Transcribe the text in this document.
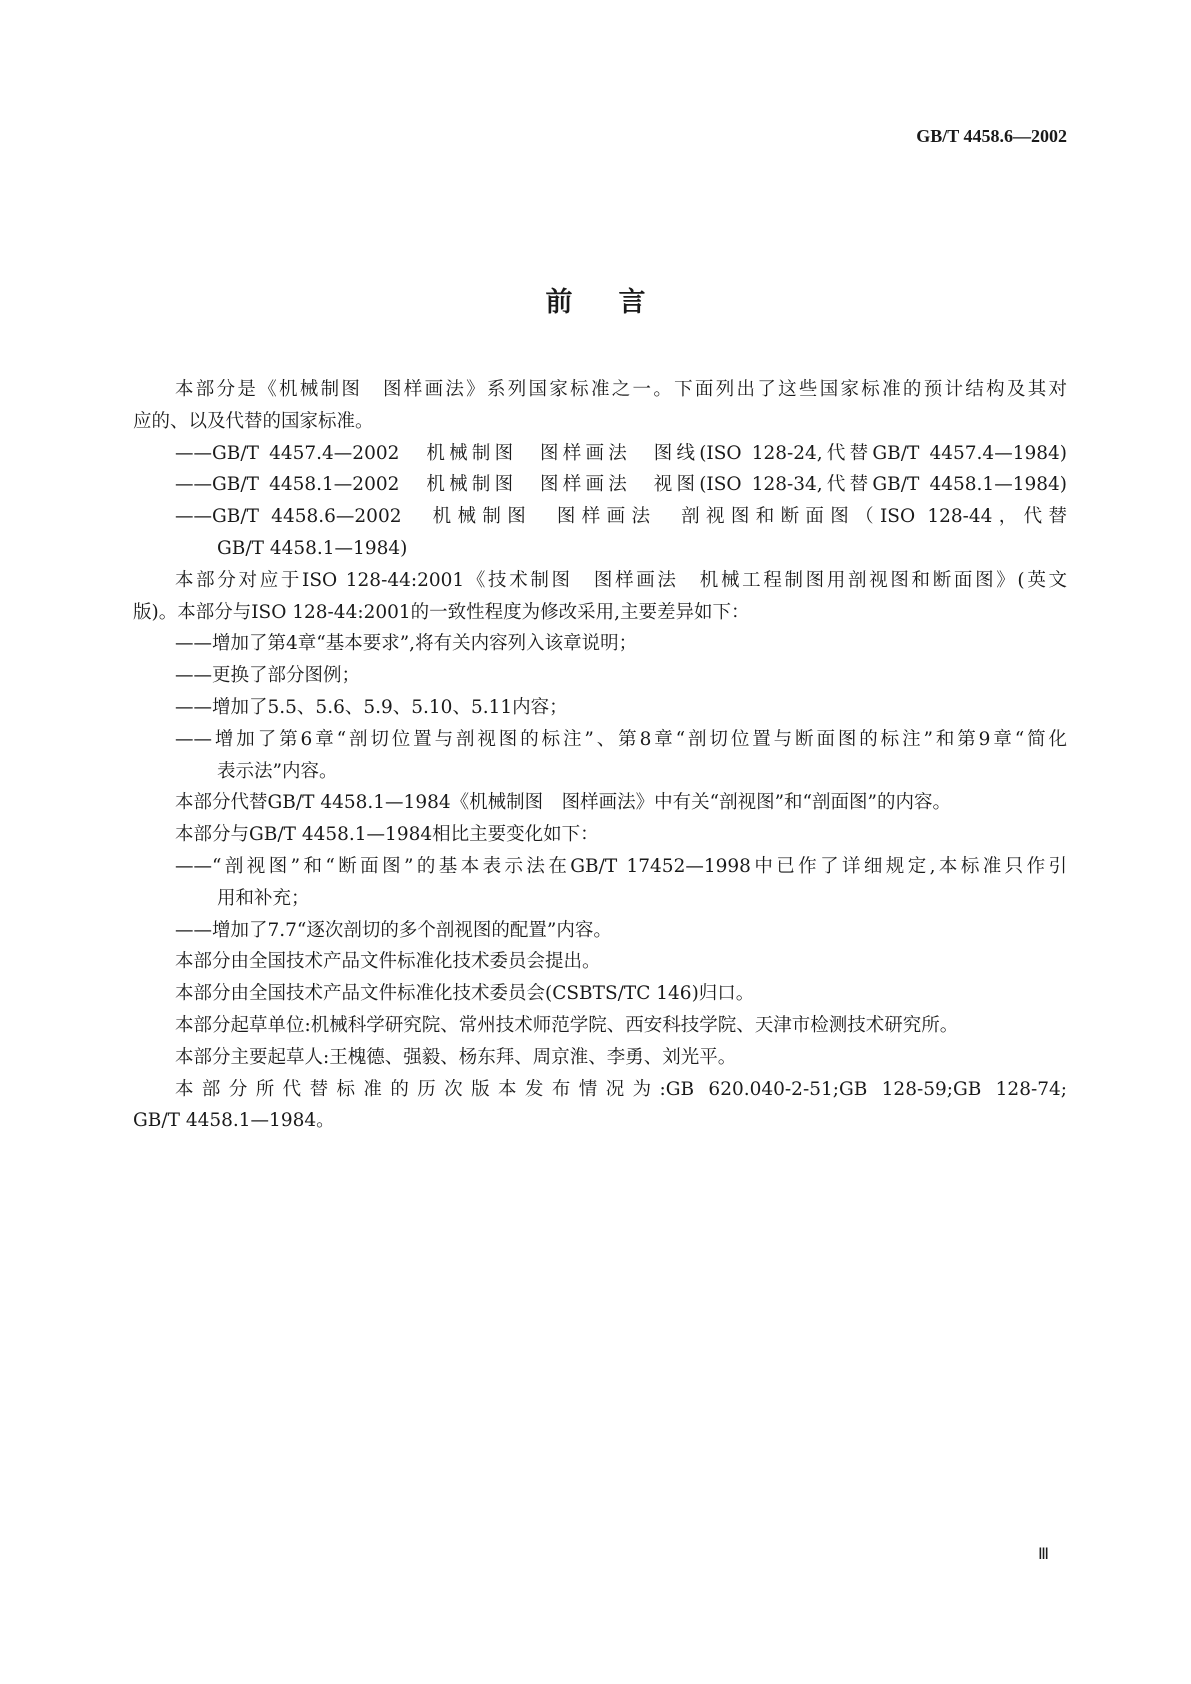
GB/T 4458.6—2002
前言
本部分是《机械制图　图样画法》系列国家标准之一。下面列出了这些国家标准的预计结构及其对
应的、以及代替的国家标准。
——GB/T 4457.4—2002　机械制图　图样画法　图线(ISO 128-24,代替GB/T 4457.4—1984)
——GB/T 4458.1—2002　机械制图　图样画法　视图(ISO 128-34,代替GB/T 4458.1—1984)
——GB/T 4458.6—2002　机械制图　图样画法　剖视图和断面图（ISO 128-44，代替
GB/T 4458.1—1984)
本部分对应于ISO 128-44:2001《技术制图　图样画法　机械工程制图用剖视图和断面图》(英文
版)。本部分与ISO 128-44:2001的一致性程度为修改采用,主要差异如下：
——增加了第4章“基本要求”,将有关内容列入该章说明；
——更换了部分图例；
——增加了5.5、5.6、5.9、5.10、5.11内容；
——增加了第6章“剖切位置与剖视图的标注”、第8章“剖切位置与断面图的标注”和第9章“简化
表示法”内容。
本部分代替GB/T 4458.1—1984《机械制图　图样画法》中有关“剖视图”和“剖面图”的内容。
本部分与GB/T 4458.1—1984相比主要变化如下：
——“剖视图”和“断面图”的基本表示法在GB/T 17452—1998中已作了详细规定,本标准只作引
用和补充；
——增加了7.7“逐次剖切的多个剖视图的配置”内容。
本部分由全国技术产品文件标准化技术委员会提出。
本部分由全国技术产品文件标准化技术委员会(CSBTS/TC 146)归口。
本部分起草单位:机械科学研究院、常州技术师范学院、西安科技学院、天津市检测技术研究所。
本部分主要起草人:王槐德、强毅、杨东拜、周京淮、李勇、刘光平。
本部分所代替标准的历次版本发布情况为:GB 620.040-2-51;GB 128-59;GB 128-74;
GB/T 4458.1—1984。
Ⅲ
